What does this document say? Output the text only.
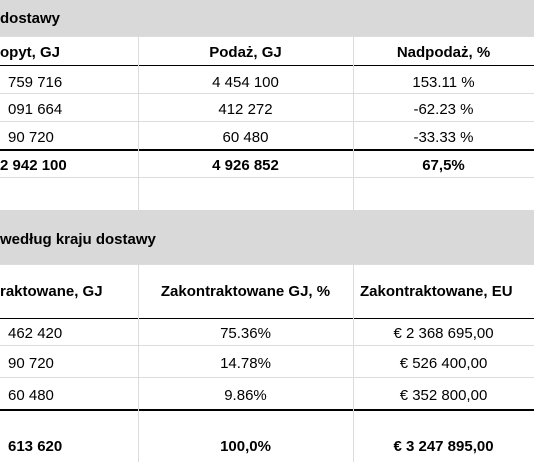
dostawy
opyt, GJ	Podaż, GJ	Nadpodaż, %
759 716	4 454 100	153.11 %
091 664	412 272	-62.23 %
90 720	60 480	-33.33 %
2 942 100	4 926 852	67,5%
według kraju dostawy
raktowane, GJ	Zakontraktowane GJ, %	Zakontraktowane, EU
462 420	75.36%	€ 2 368 695,00
90 720	14.78%	€ 526 400,00
60 480	9.86%	€ 352 800,00
613 620	100,0%	€ 3 247 895,00
